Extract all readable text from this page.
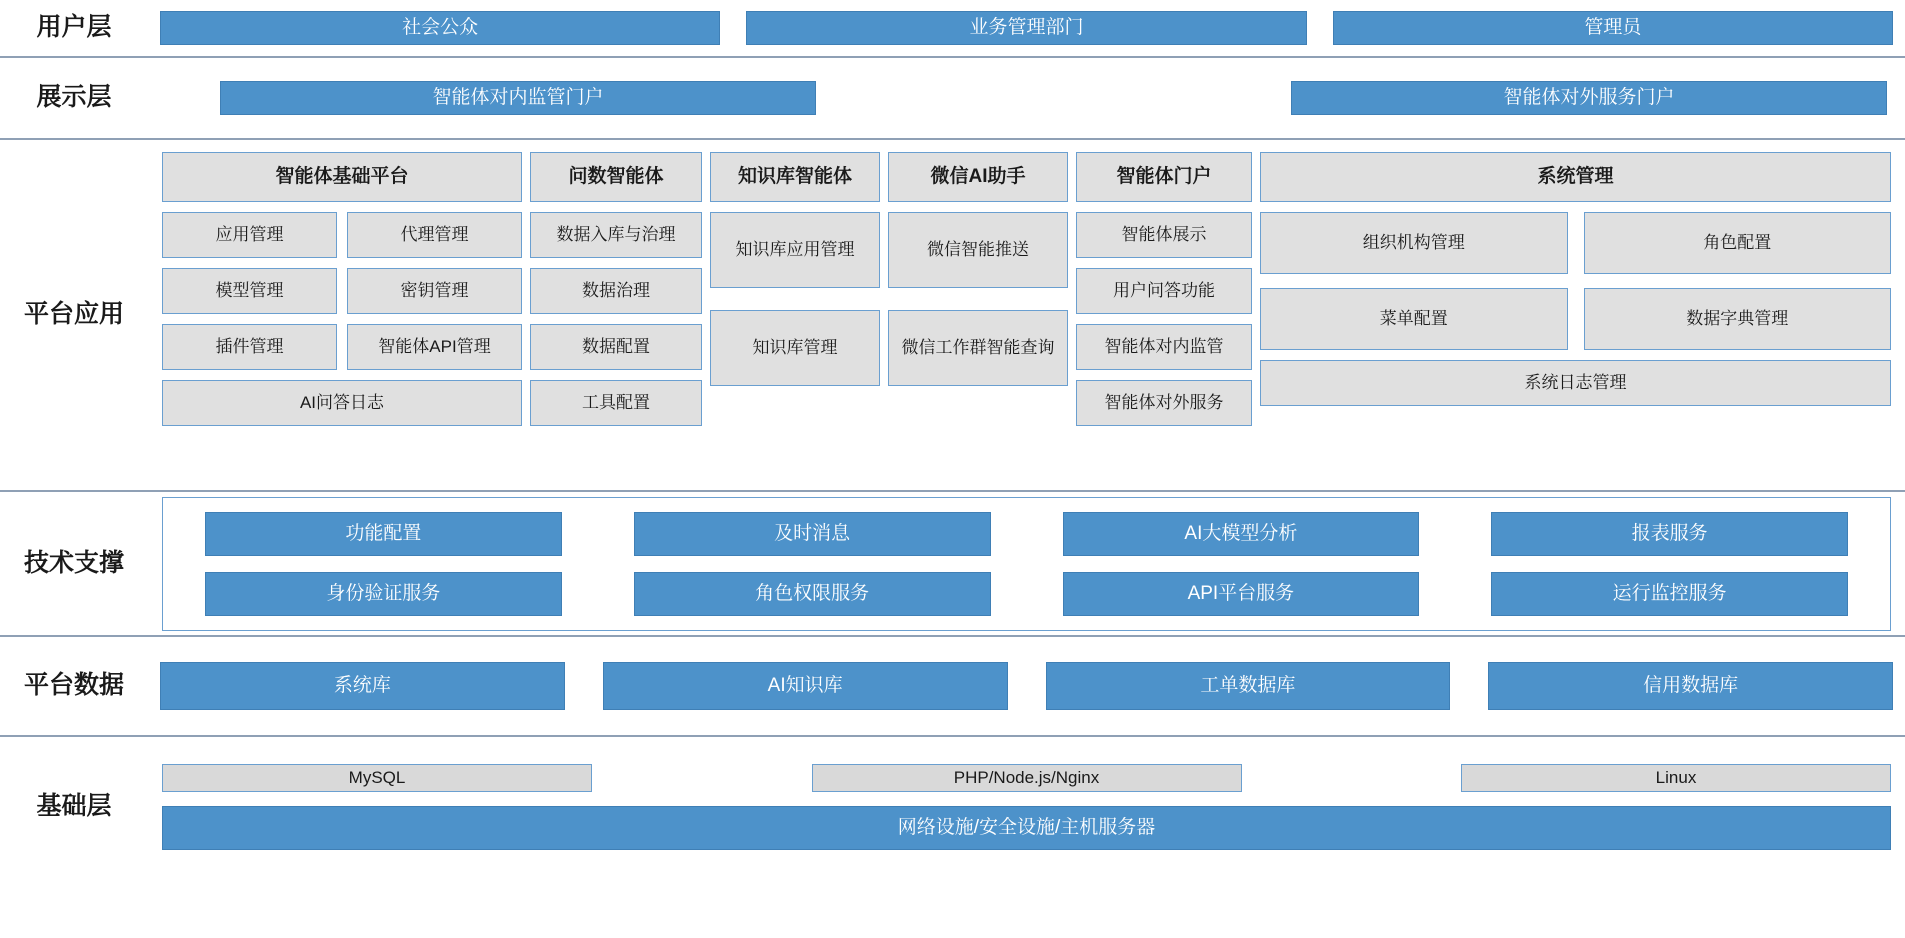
用户层	社会公众	业务管理部门	管理员
展示层	智能体对内监管门户	智能体对外服务门户
平台 应用
智能体基础平台
应用管理	代理管理
模型管理	密钥管理
插件管理	智能体API管理
AI问答日志
问数智能体
数据入库与治理
数据治理
数据配置
工具配置
知识库智能体
知识库应用管理
知识库管理
微信AI助手
微信智能推送
微信工作群智能查询
智能体门户
智能体展示
用户问答功能
智能体对内监管
智能体对外服务
系统管理
组织机构管理	角色配置
菜单配置	数据字典管理
系统日志管理
技术 支撑
功能配置	及时消息	AI大模型分析	报表服务
身份验证服务	角色权限服务	API平台服务	运行监控服务
平台 数据	系统库	AI知识库	工单数据库	信用数据库
基础层
MySQL	PHP/Node.js/Nginx	Linux
网络设施/安全设施/主机服务器
